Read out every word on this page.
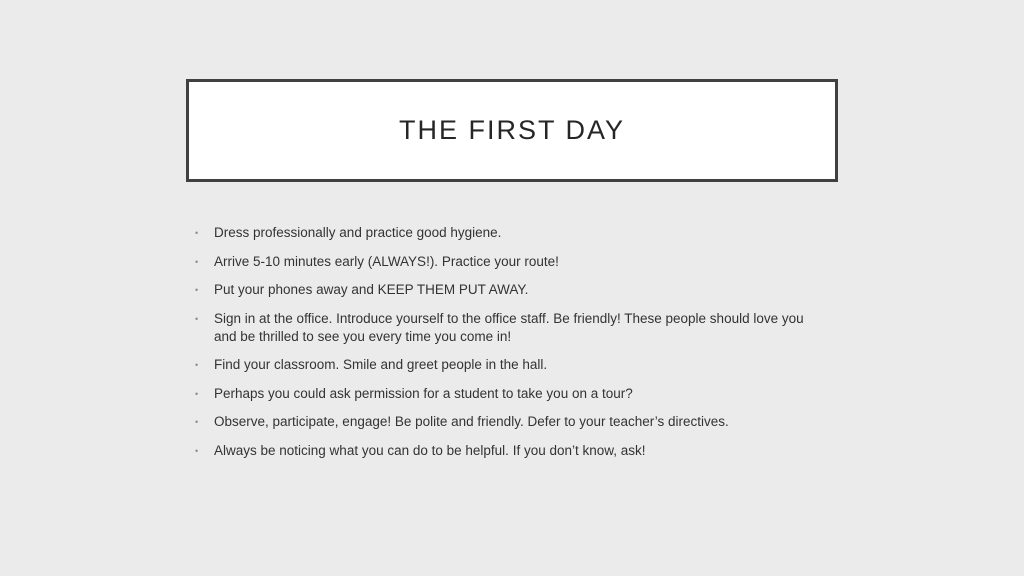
THE FIRST DAY
• Dress professionally and practice good hygiene.
• Arrive 5-10 minutes early (ALWAYS!). Practice your route!
• Put your phones away and KEEP THEM PUT AWAY.
• Sign in at the office. Introduce yourself to the office staff. Be friendly! These people should love you and be thrilled to see you every time you come in!
• Find your classroom. Smile and greet people in the hall.
• Perhaps you could ask permission for a student to take you on a tour?
• Observe, participate, engage! Be polite and friendly. Defer to your teacher’s directives.
• Always be noticing what you can do to be helpful. If you don’t know, ask!
